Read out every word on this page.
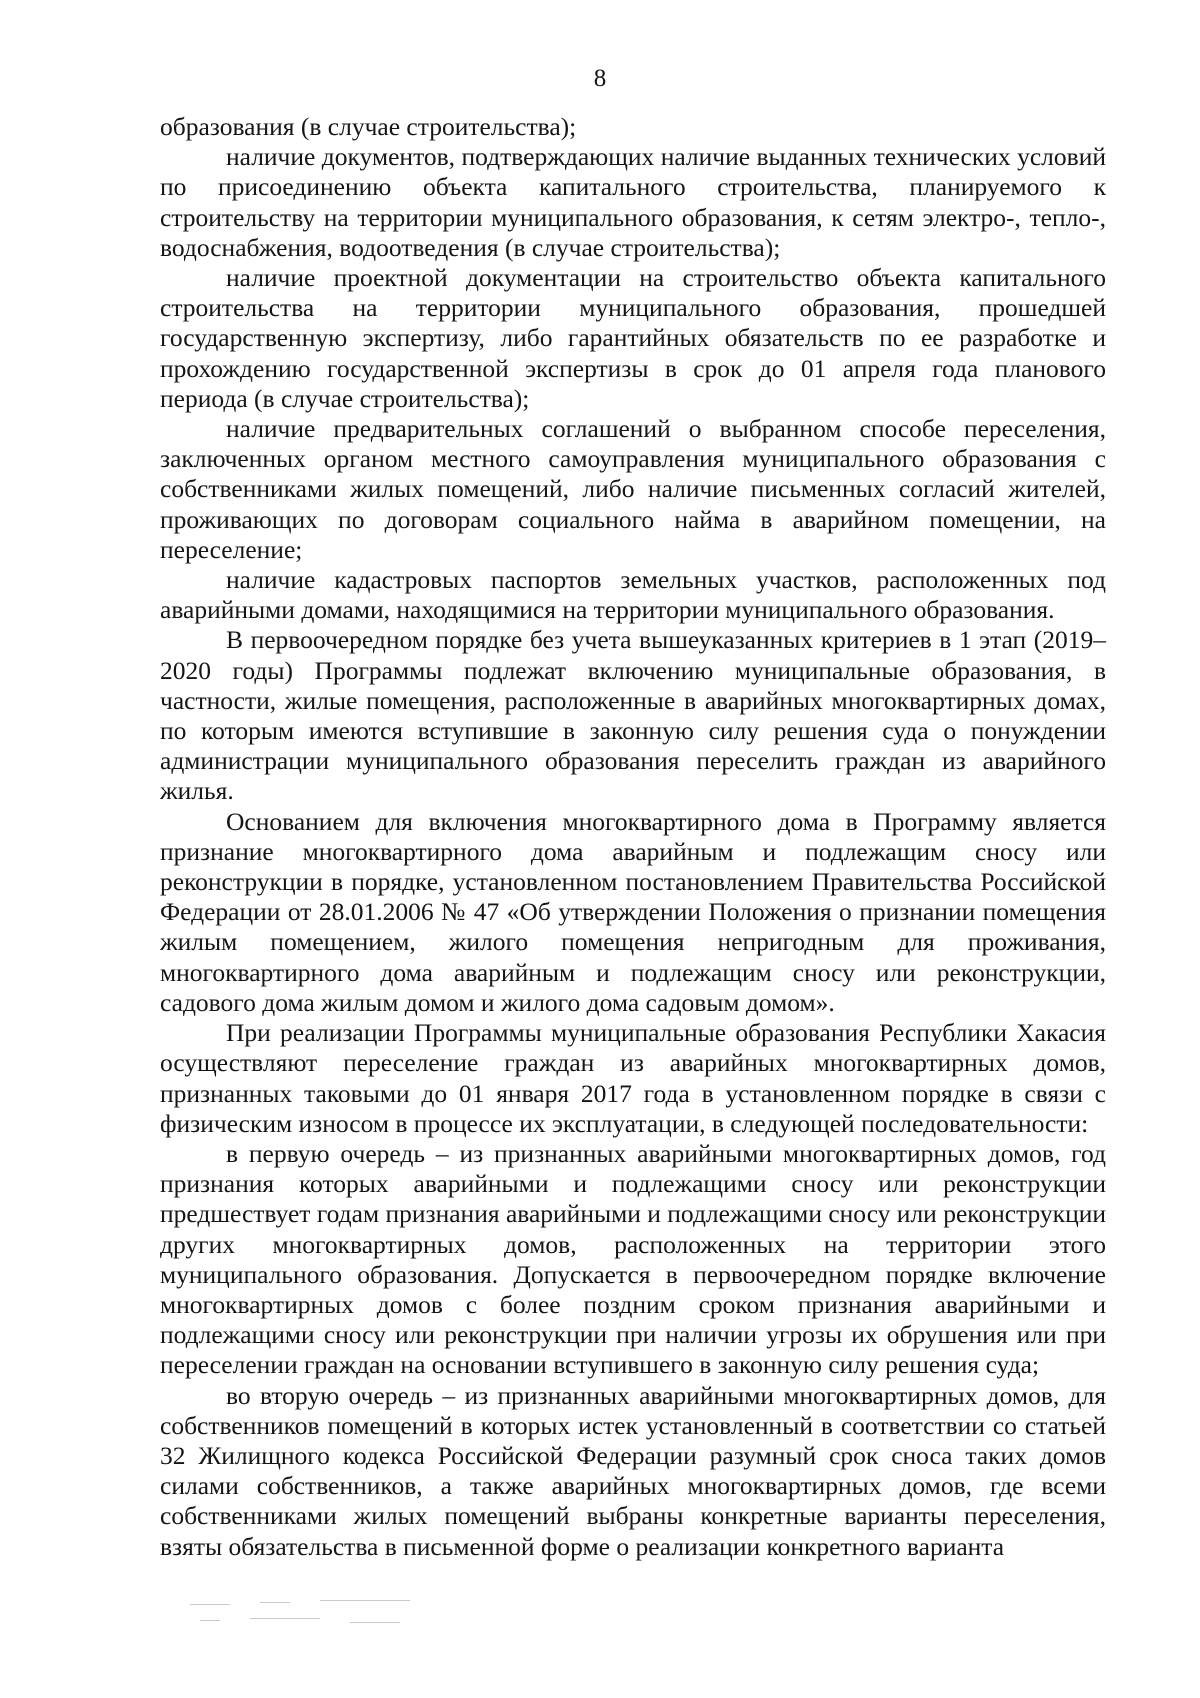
8

образования (в случае строительства);

наличие документов, подтверждающих наличие выданных технических условий по присоединению объекта капитального строительства, планируемого к строительству на территории муниципального образования, к сетям электро-, тепло-, водоснабжения, водоотведения (в случае строительства);

наличие проектной документации на строительство объекта капитального строительства на территории муниципального образования, прошедшей государственную экспертизу, либо гарантийных обязательств по ее разработке и прохождению государственной экспертизы в срок до 01 апреля года планового периода (в случае строительства);

наличие предварительных соглашений о выбранном способе переселения, заключенных органом местного самоуправления муниципального образования с собственниками жилых помещений, либо наличие письменных согласий жителей, проживающих по договорам социального найма в аварийном помещении, на переселение;

наличие кадастровых паспортов земельных участков, расположенных под аварийными домами, находящимися на территории муниципального образования.

В первоочередном порядке без учета вышеуказанных критериев в 1 этап (2019–2020 годы) Программы подлежат включению муниципальные образования, в частности, жилые помещения, расположенные в аварийных многоквартирных домах, по которым имеются вступившие в законную силу решения суда о понуждении администрации муниципального образования переселить граждан из аварийного жилья.

Основанием для включения многоквартирного дома в Программу является признание многоквартирного дома аварийным и подлежащим сносу или реконструкции в порядке, установленном постановлением Правительства Российской Федерации от 28.01.2006 № 47 «Об утверждении Положения о признании помещения жилым помещением, жилого помещения непригодным для проживания, многоквартирного дома аварийным и подлежащим сносу или реконструкции, садового дома жилым домом и жилого дома садовым домом».

При реализации Программы муниципальные образования Республики Хакасия осуществляют переселение граждан из аварийных многоквартирных домов, признанных таковыми до 01 января 2017 года в установленном порядке в связи с физическим износом в процессе их эксплуатации, в следующей последовательности:

в первую очередь – из признанных аварийными многоквартирных домов, год признания которых аварийными и подлежащими сносу или реконструкции предшествует годам признания аварийными и подлежащими сносу или реконструкции других многоквартирных домов, расположенных на территории этого муниципального образования. Допускается в первоочередном порядке включение многоквартирных домов с более поздним сроком признания аварийными и подлежащими сносу или реконструкции при наличии угрозы их обрушения или при переселении граждан на основании вступившего в законную силу решения суда;

во вторую очередь – из признанных аварийными многоквартирных домов, для собственников помещений в которых истек установленный в соответствии со статьей 32 Жилищного кодекса Российской Федерации разумный срок сноса таких домов силами собственников, а также аварийных многоквартирных домов, где всеми собственниками жилых помещений выбраны конкретные варианты переселения, взяты обязательства в письменной форме о реализации конкретного варианта
